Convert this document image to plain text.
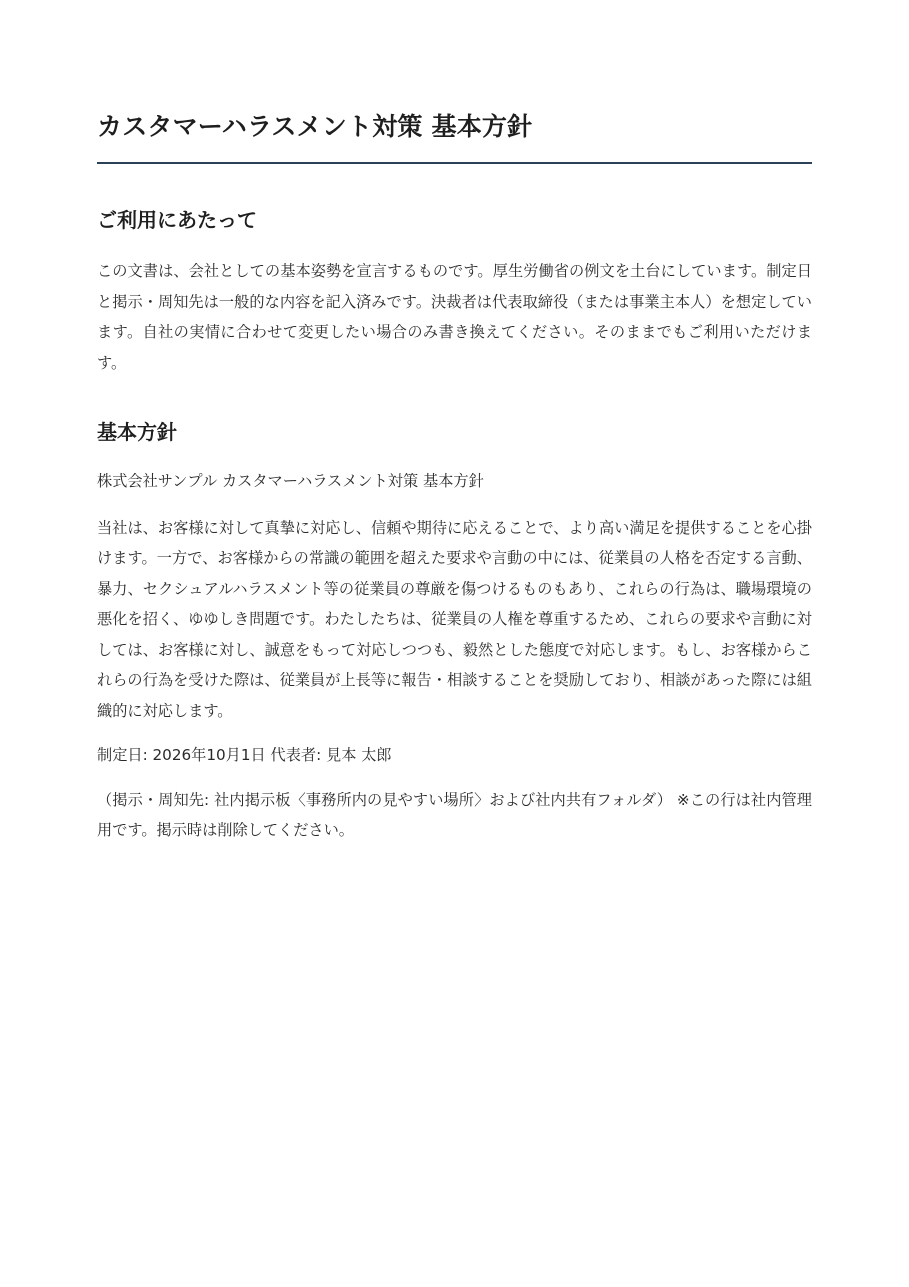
カスタマーハラスメント対策 基本方針
ご利用にあたって

この文書は、会社としての基本姿勢を宣言するものです。厚生労働省の例文を土台にしています。制定日と掲示・周知先は一般的な内容を記入済みです。決裁者は代表取締役（または事業主本人）を想定しています。自社の実情に合わせて変更したい場合のみ書き換えてください。そのままでもご利用いただけます。

基本方針

株式会社サンプル カスタマーハラスメント対策 基本方針

当社は、お客様に対して真摯に対応し、信頼や期待に応えることで、より高い満足を提供することを心掛けます。一方で、お客様からの常識の範囲を超えた要求や言動の中には、従業員の人格を否定する言動、暴力、セクシュアルハラスメント等の従業員の尊厳を傷つけるものもあり、これらの行為は、職場環境の悪化を招く、ゆゆしき問題です。わたしたちは、従業員の人権を尊重するため、これらの要求や言動に対しては、お客様に対し、誠意をもって対応しつつも、毅然とした態度で対応します。もし、お客様からこれらの行為を受けた際は、従業員が上長等に報告・相談することを奨励しており、相談があった際には組織的に対応します。

制定日: 2026年10月1日 代表者: 見本 太郎

（掲示・周知先: 社内掲示板〈事務所内の見やすい場所〉および社内共有フォルダ） ※この行は社内管理用です。掲示時は削除してください。
